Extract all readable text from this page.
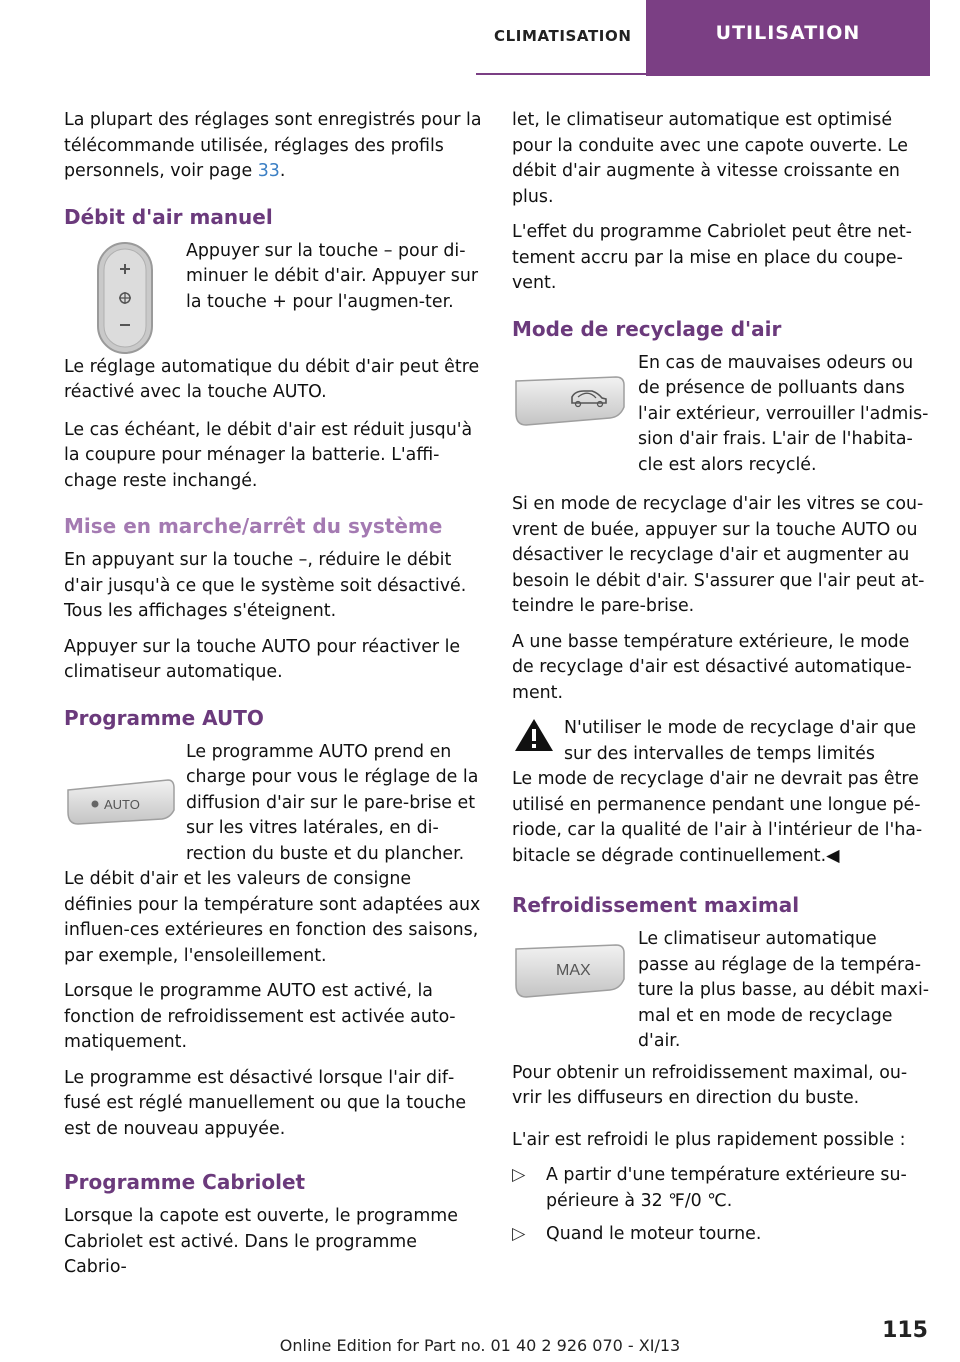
CLIMATISATION	UTILISATION

La plupart des réglages sont enregistrés pour la télécommande utilisée, réglages des profils personnels, voir page 33.

Débit d'air manuel

Appuyer sur la touche – pour di‐minuer le débit d'air. Appuyer sur la touche + pour l'augmen‐ter.

Le réglage automatique du débit d'air peut être réactivé avec la touche AUTO.

Le cas échéant, le débit d'air est réduit jusqu'à la coupure pour ménager la batterie. L'affi‐chage reste inchangé.

Mise en marche/arrêt du système

En appuyant sur la touche –, réduire le débit d'air jusqu'à ce que le système soit désactivé. Tous les affichages s'éteignent.

Appuyer sur la touche AUTO pour réactiver le climatiseur automatique.

Programme AUTO
AUTO

Le programme AUTO prend en charge pour vous le réglage de la diffusion d'air sur le pare-brise et sur les vitres latérales, en di‐rection du buste et du plancher.

Le débit d'air et les valeurs de consigne définies pour la température sont adaptées aux influen‐ces extérieures en fonction des saisons, par exemple, l'ensoleillement.

Lorsque le programme AUTO est activé, la fonction de refroidissement est activée auto‐matiquement.

Le programme est désactivé lorsque l'air dif‐fusé est réglé manuellement ou que la touche est de nouveau appuyée.

Programme Cabriolet

Lorsque la capote est ouverte, le programme Cabriolet est activé. Dans le programme Cabrio‐

let, le climatiseur automatique est optimisé pour la conduite avec une capote ouverte. Le débit d'air augmente à vitesse croissante en plus.

L'effet du programme Cabriolet peut être net‐tement accru par la mise en place du coupe-vent.

Mode de recyclage d'air

En cas de mauvaises odeurs ou de présence de polluants dans l'air extérieur, verrouiller l'admis‐sion d'air frais. L'air de l'habita‐cle est alors recyclé.

Si en mode de recyclage d'air les vitres se cou‐vrent de buée, appuyer sur la touche AUTO ou désactiver le recyclage d'air et augmenter au besoin le débit d'air. S'assurer que l'air peut at‐teindre le pare-brise.

A une basse température extérieure, le mode de recyclage d'air est désactivé automatique‐ment.

N'utiliser le mode de recyclage d'air que sur des intervalles de temps limités

Le mode de recyclage d'air ne devrait pas être utilisé en permanence pendant une longue pé‐riode, car la qualité de l'air à l'intérieur de l'ha‐bitacle se dégrade continuellement.◀

Refroidissement maximal
MAX

Le climatiseur automatique passe au réglage de la tempéra‐ture la plus basse, au débit maxi‐mal et en mode de recyclage d'air.

Pour obtenir un refroidissement maximal, ou‐vrir les diffuseurs en direction du buste.

L'air est refroidi le plus rapidement possible :

▷ A partir d'une température extérieure su‐périeure à 32 ℉/0 ℃.
▷ Quand le moteur tourne.
115
Online Edition for Part no. 01 40 2 926 070 - XI/13
